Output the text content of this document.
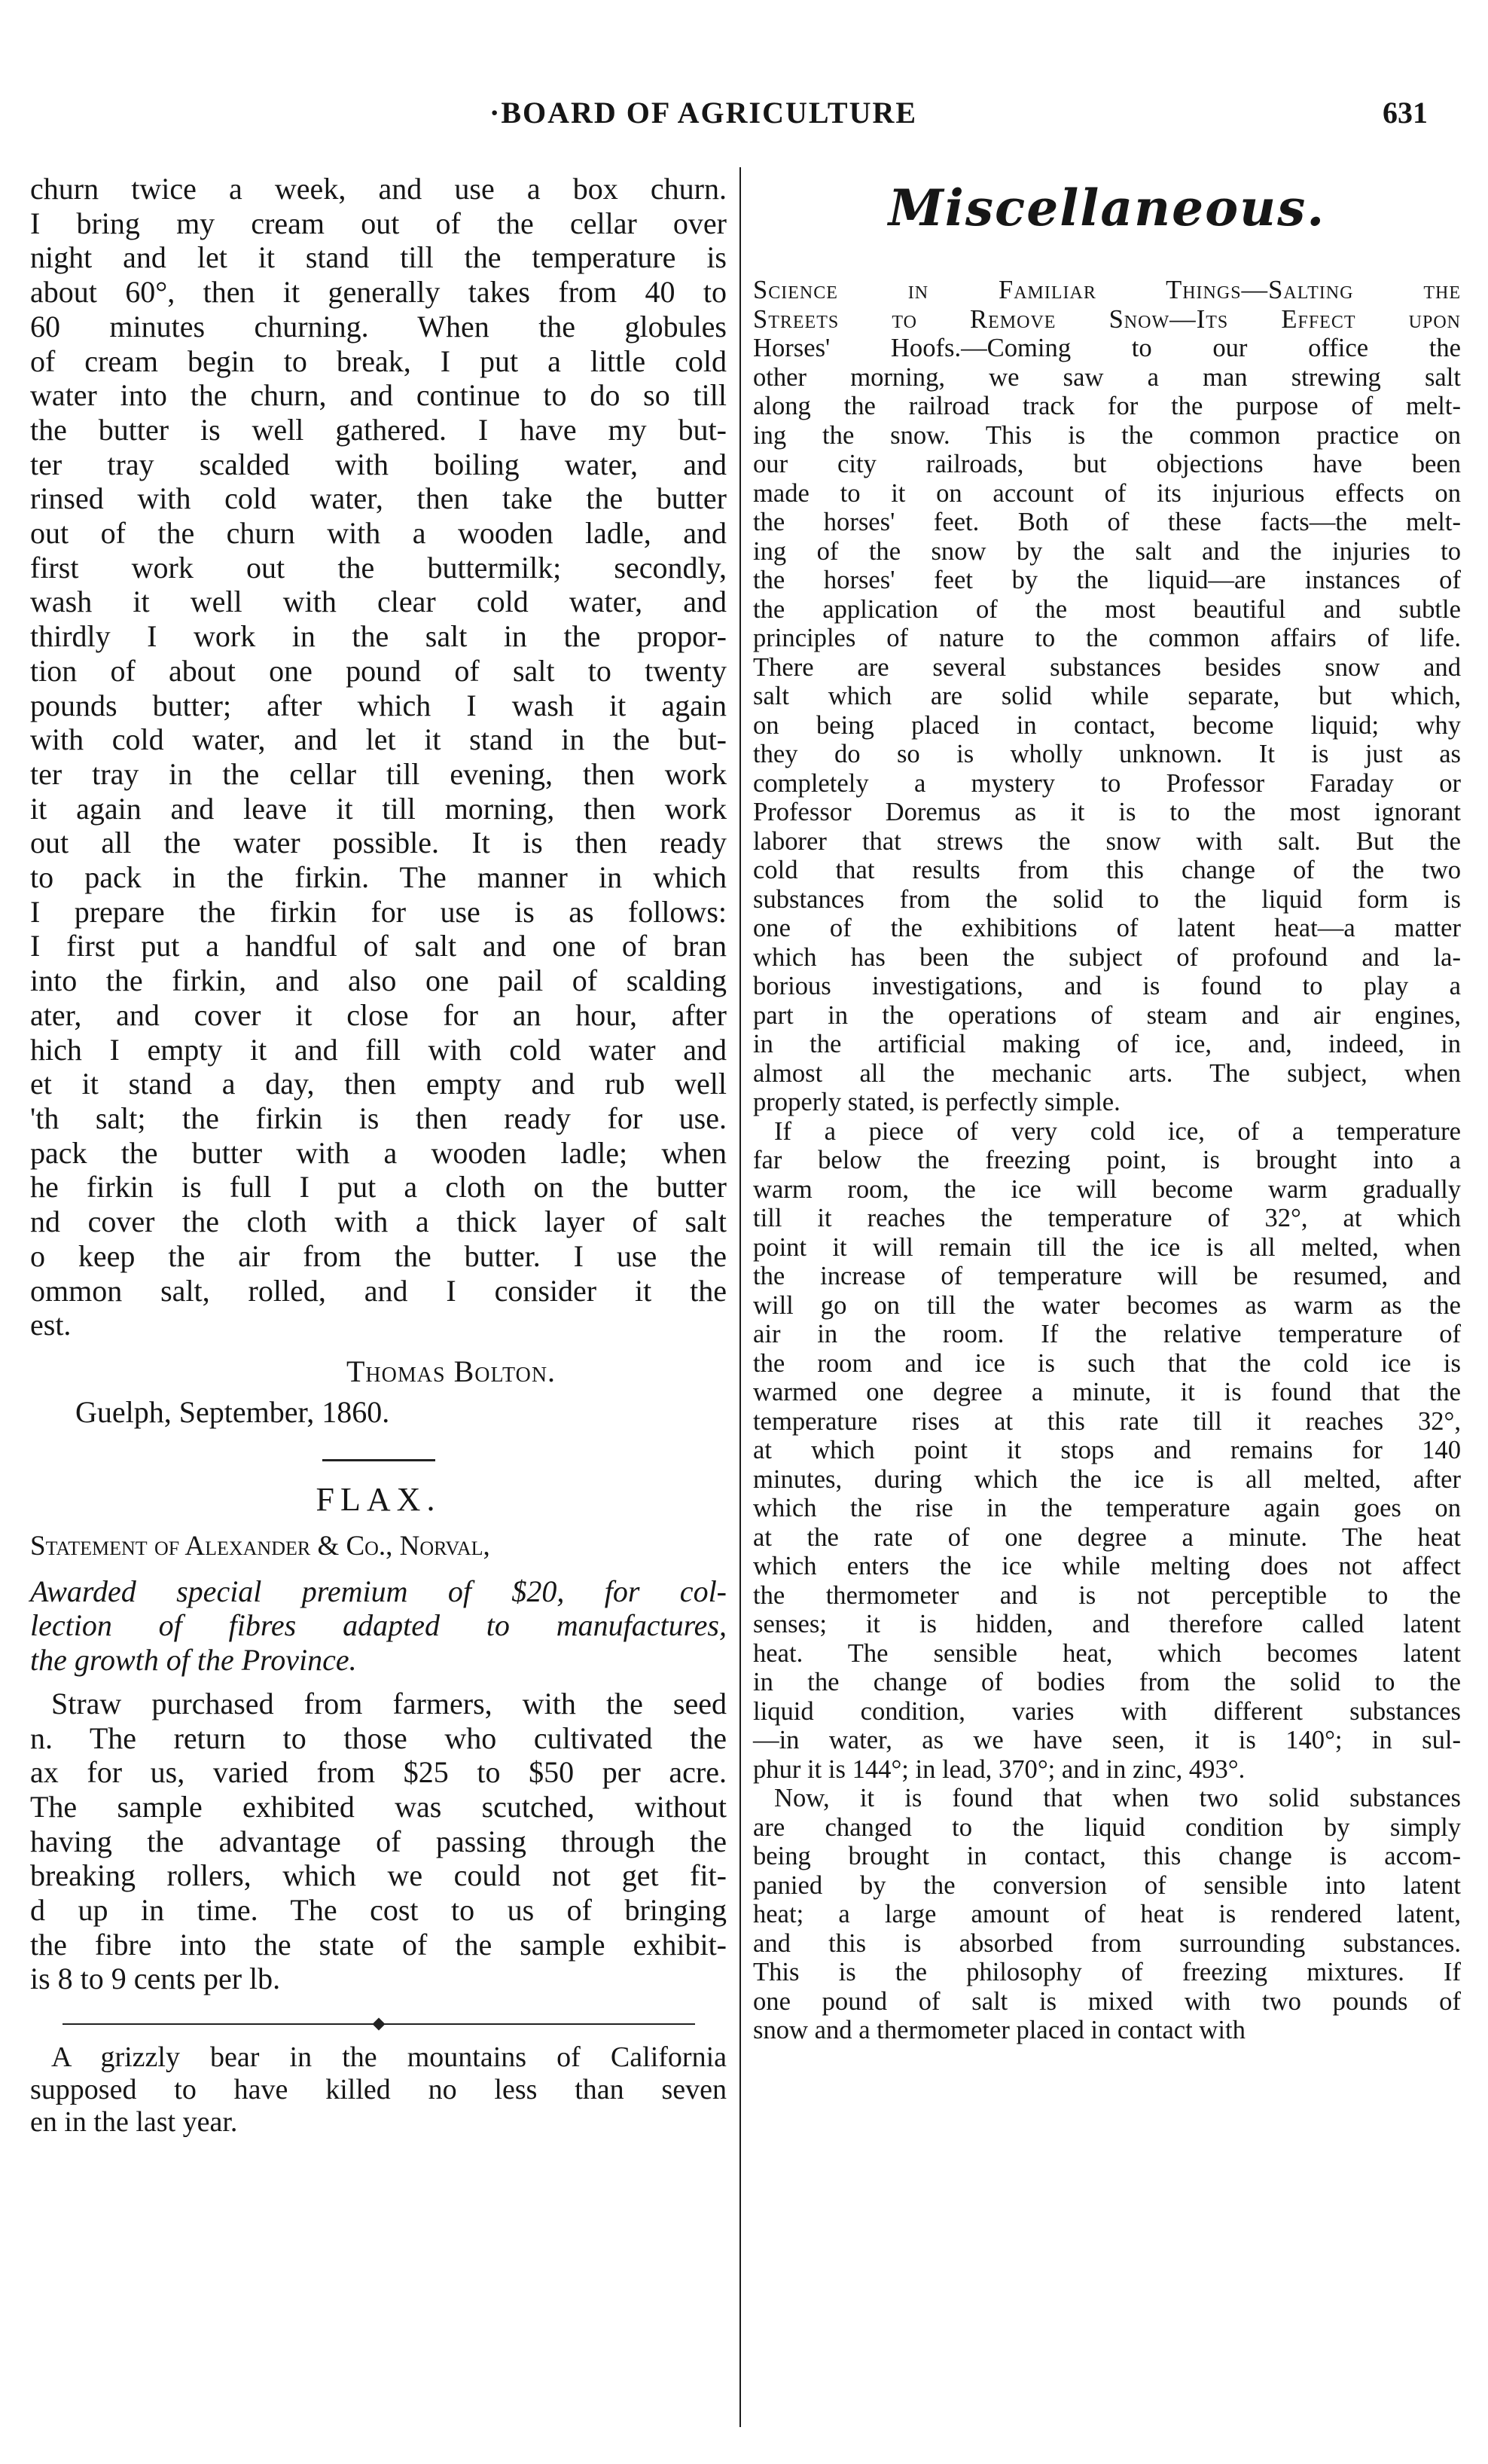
·BOARD OF AGRICULTURE	631
churn twice a week, and use a box churn.
I bring my cream out of the cellar over
night and let it stand till the temperature is
about 60°, then it generally takes from 40 to
60 minutes churning. When the globules
of cream begin to break, I put a little cold
water into the churn, and continue to do so till
the butter is well gathered. I have my but-
ter tray scalded with boiling water, and
rinsed with cold water, then take the butter
out of the churn with a wooden ladle, and
first work out the buttermilk; secondly,
wash it well with clear cold water, and
thirdly I work in the salt in the propor-
tion of about one pound of salt to twenty
pounds butter; after which I wash it again
with cold water, and let it stand in the but-
ter tray in the cellar till evening, then work
it again and leave it till morning, then work
out all the water possible. It is then ready
to pack in the firkin. The manner in which
I prepare the firkin for use is as follows:
I first put a handful of salt and one of bran
into the firkin, and also one pail of scalding
ater, and cover it close for an hour, after
hich I empty it and fill with cold water and
et it stand a day, then empty and rub well
'th salt; the firkin is then ready for use.
pack the butter with a wooden ladle; when
he firkin is full I put a cloth on the butter
nd cover the cloth with a thick layer of salt
o keep the air from the butter. I use the
ommon salt, rolled, and I consider it the
est.
Thomas Bolton.
Guelph, September, 1860.
FLAX.
Statement of Alexander & Co., Norval,
Awarded special premium of $20, for col-
lection of fibres adapted to manufactures,
the growth of the Province.
Straw purchased from farmers, with the seed
n. The return to those who cultivated the
ax for us, varied from $25 to $50 per acre.
The sample exhibited was scutched, without
having the advantage of passing through the
breaking rollers, which we could not get fit-
d up in time. The cost to us of bringing
the fibre into the state of the sample exhibit-
is 8 to 9 cents per lb.
A grizzly bear in the mountains of California
supposed to have killed no less than seven
en in the last year.
Miscellaneous.
Science in Familiar Things—Salting the
Streets to Remove Snow—Its Effect upon
Horses' Hoofs.—Coming to our office the
other morning, we saw a man strewing salt
along the railroad track for the purpose of melt-
ing the snow. This is the common practice on
our city railroads, but objections have been
made to it on account of its injurious effects on
the horses' feet. Both of these facts—the melt-
ing of the snow by the salt and the injuries to
the horses' feet by the liquid—are instances of
the application of the most beautiful and subtle
principles of nature to the common affairs of life.
There are several substances besides snow and
salt which are solid while separate, but which,
on being placed in contact, become liquid; why
they do so is wholly unknown. It is just as
completely a mystery to Professor Faraday or
Professor Doremus as it is to the most ignorant
laborer that strews the snow with salt. But the
cold that results from this change of the two
substances from the solid to the liquid form is
one of the exhibitions of latent heat—a matter
which has been the subject of profound and la-
borious investigations, and is found to play a
part in the operations of steam and air engines,
in the artificial making of ice, and, indeed, in
almost all the mechanic arts. The subject, when
properly stated, is perfectly simple.
If a piece of very cold ice, of a temperature
far below the freezing point, is brought into a
warm room, the ice will become warm gradually
till it reaches the temperature of 32°, at which
point it will remain till the ice is all melted, when
the increase of temperature will be resumed, and
will go on till the water becomes as warm as the
air in the room. If the relative temperature of
the room and ice is such that the cold ice is
warmed one degree a minute, it is found that the
temperature rises at this rate till it reaches 32°,
at which point it stops and remains for 140
minutes, during which the ice is all melted, after
which the rise in the temperature again goes on
at the rate of one degree a minute. The heat
which enters the ice while melting does not affect
the thermometer and is not perceptible to the
senses; it is hidden, and therefore called latent
heat. The sensible heat, which becomes latent
in the change of bodies from the solid to the
liquid condition, varies with different substances
—in water, as we have seen, it is 140°; in sul-
phur it is 144°; in lead, 370°; and in zinc, 493°.
Now, it is found that when two solid substances
are changed to the liquid condition by simply
being brought in contact, this change is accom-
panied by the conversion of sensible into latent
heat; a large amount of heat is rendered latent,
and this is absorbed from surrounding substances.
This is the philosophy of freezing mixtures. If
one pound of salt is mixed with two pounds of
snow and a thermometer placed in contact with
